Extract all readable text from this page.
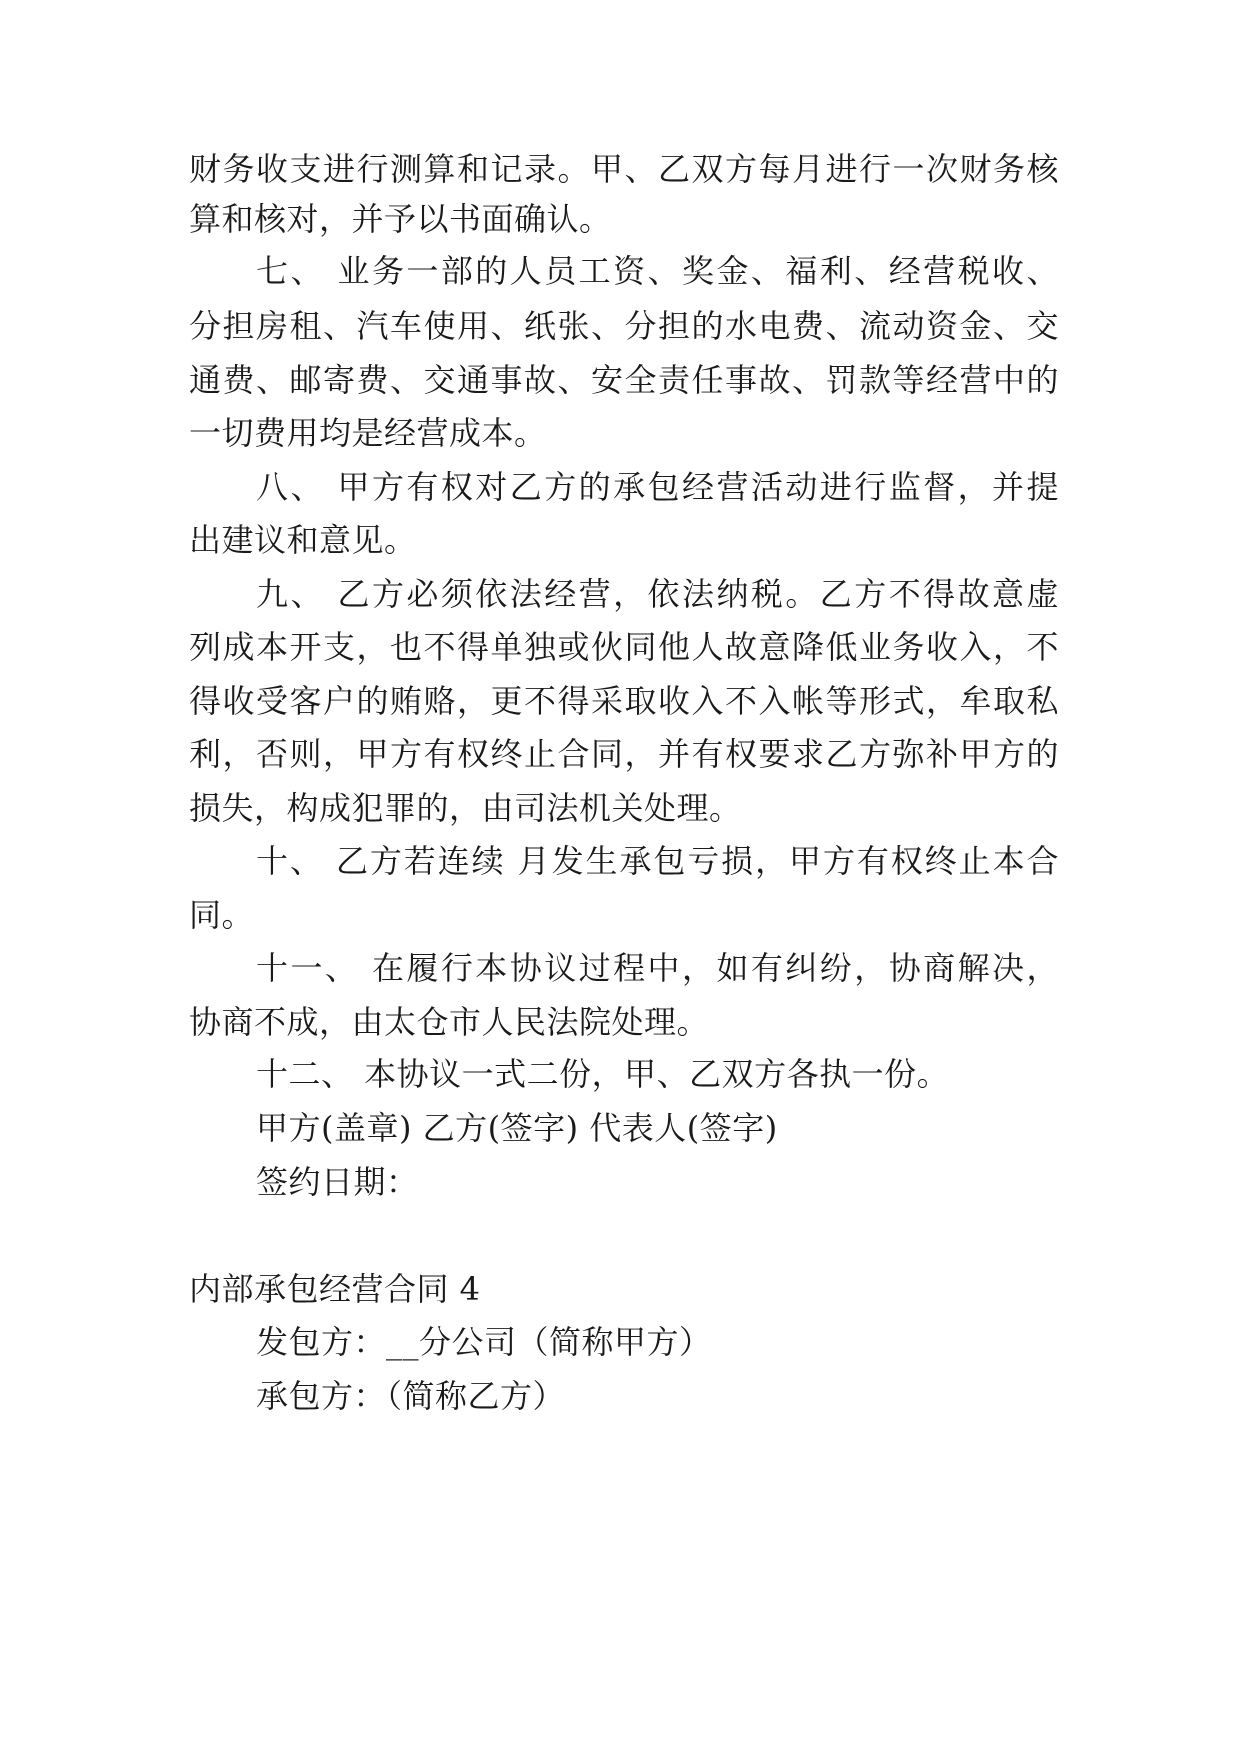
财务收支进行测算和记录。甲、乙双方每月进行一次财务核
算和核对，并予以书面确认。
七、 业务一部的人员工资、奖金、福利、经营税收、
分担房租、汽车使用、纸张、分担的水电费、流动资金、交
通费、邮寄费、交通事故、安全责任事故、罚款等经营中的
一切费用均是经营成本。
八、 甲方有权对乙方的承包经营活动进行监督，并提
出建议和意见。
九、 乙方必须依法经营，依法纳税。乙方不得故意虚
列成本开支，也不得单独或伙同他人故意降低业务收入，不
得收受客户的贿赂，更不得采取收入不入帐等形式，牟取私
利，否则，甲方有权终止合同，并有权要求乙方弥补甲方的
损失，构成犯罪的，由司法机关处理。
十、 乙方若连续 月发生承包亏损，甲方有权终止本合
同。
十一、 在履行本协议过程中，如有纠纷，协商解决，
协商不成，由太仓市人民法院处理。
十二、 本协议一式二份，甲、乙双方各执一份。
甲方(盖章) 乙方(签字) 代表人(签字)
签约日期：
内部承包经营合同 4
发包方：__分公司（简称甲方）
承包方：（简称乙方）
